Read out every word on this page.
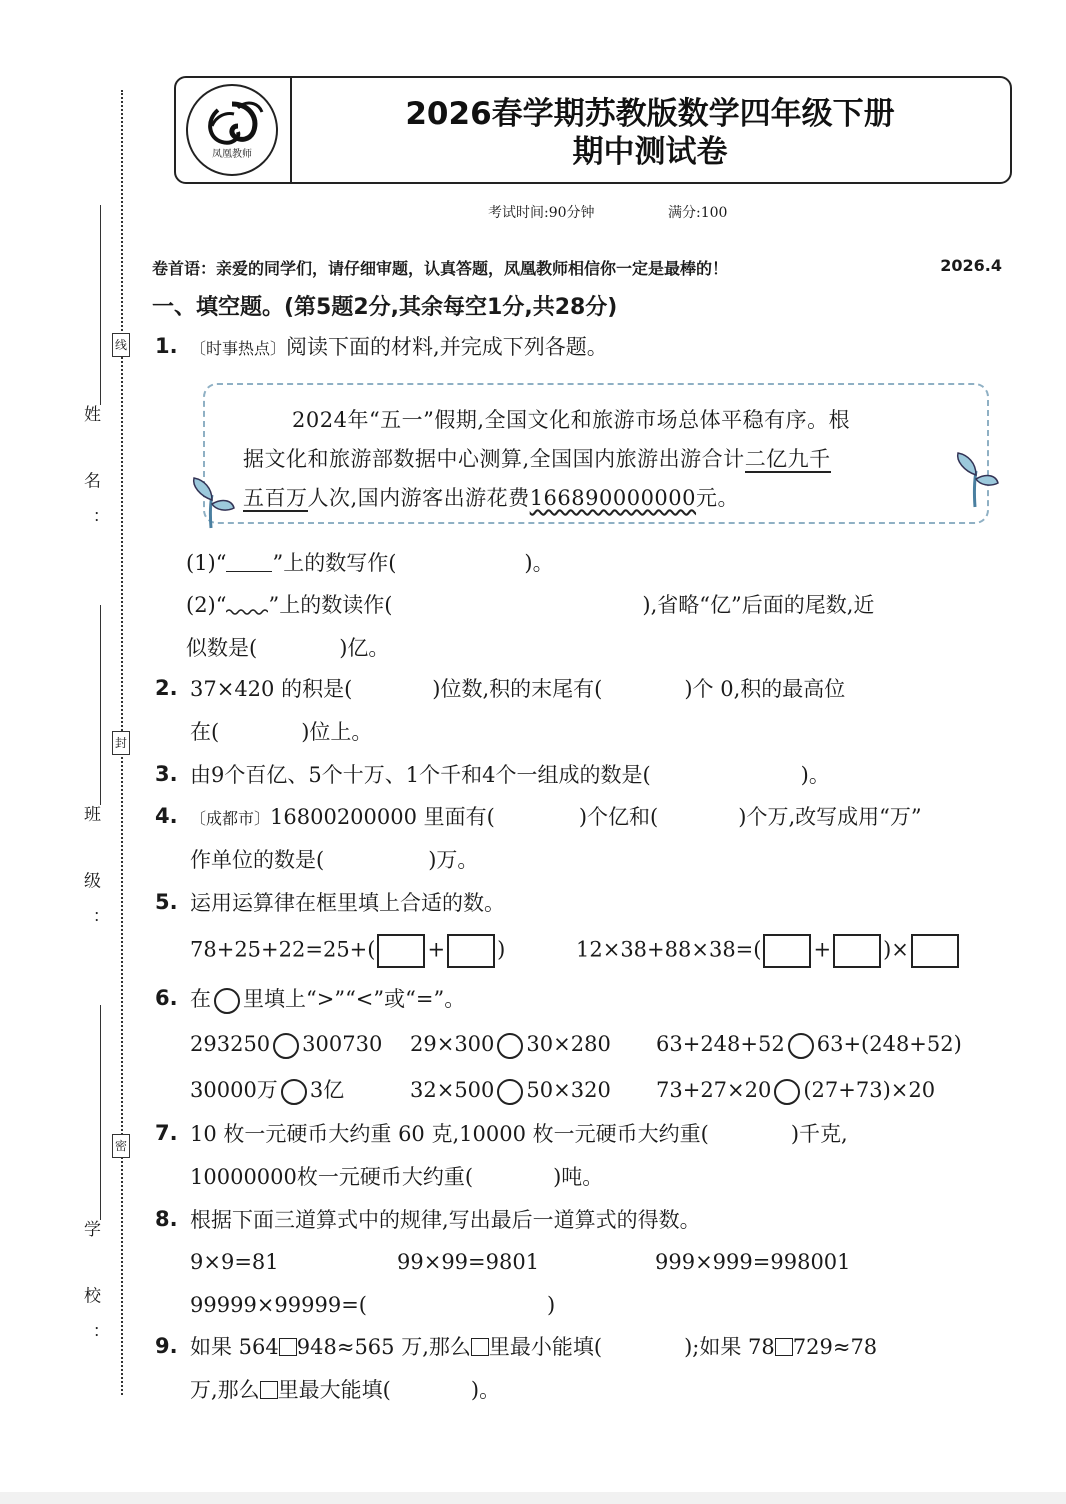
姓 名：
班 级：
学 校：
线
封
密
凤凰教师
2026春学期苏教版数学四年级下册
期中测试卷
考试时间:90分钟	满分:100
卷首语：亲爱的同学们，请仔细审题，认真答题，凤凰教师相信你一定是最棒的！	2026.4
一、填空题。(第5题2分,其余每空1分,共28分)
1. 〔时事热点〕阅读下面的材料,并完成下列各题。
2024年“五一”假期,全国文化和旅游市场总体平稳有序。根
据文化和旅游部数据中心测算,全国国内旅游出游合计二亿九千
五百万人次,国内游客出游花费166890000000元。
(1)“ ”上的数写作(	)。
(2)“ ”上的数读作(	),省略“亿”后面的尾数,近
似数是(	)亿。
2. 37×420 的积是(	)位数,积的末尾有(	)个 0,积的最高位
在(	)位上。
3. 由9个百亿、5个十万、1个千和4个一组成的数是(	)。
4. 〔成都市〕16800200000 里面有(	)个亿和(	)个万,改写成用“万”
作单位的数是(	)万。
5. 运用运算律在框里填上合适的数。
78+25+22=25+( + )	12×38+88×38=( + )×
6. 在 里填上“>”“<”或“=”。
293250 300730 29×300 30×280 63+248+52 63+(248+52)
30000万 3亿	32×500 50×320 73+27×20 (27+73)×20
7. 10 枚一元硬币大约重 60 克,10000 枚一元硬币大约重(	)千克,
10000000枚一元硬币大约重(	)吨。
8. 根据下面三道算式中的规律,写出最后一道算式的得数。
9×9=81	99×99=9801	999×999=998001
99999×99999=(	)
9. 如果 564 948≈565 万,那么 里最小能填(	);如果 78 729≈78
万,那么 里最大能填(	)。
